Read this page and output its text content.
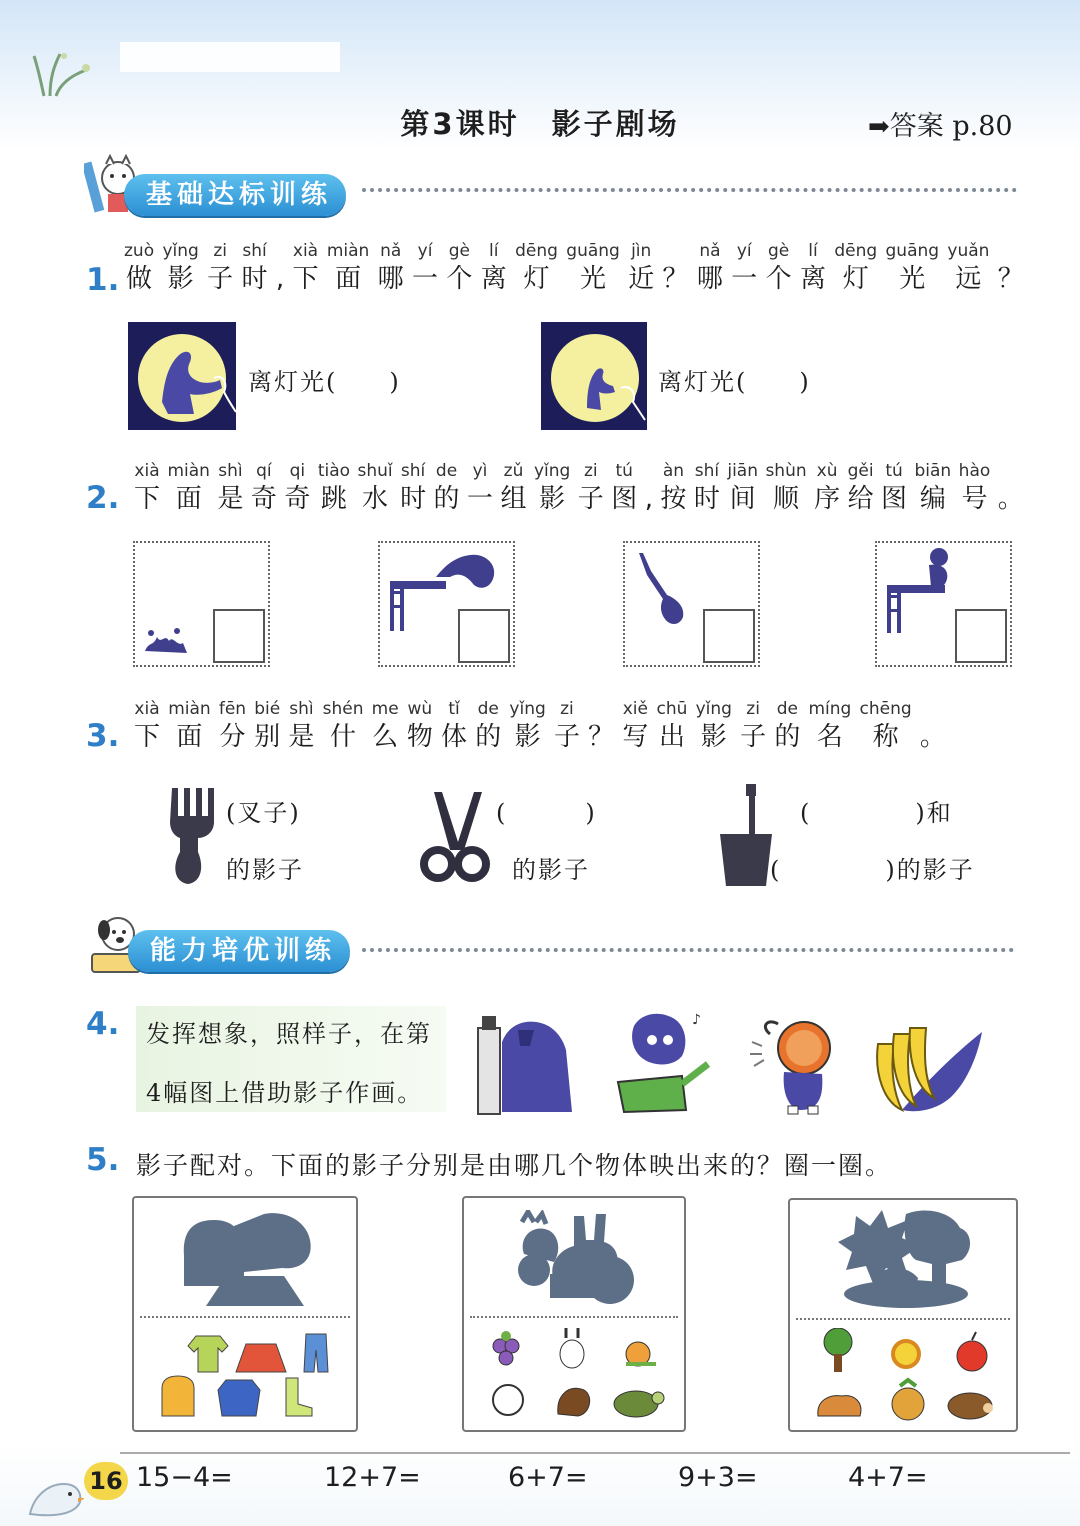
第3课时　影子剧场	➡答案 p.80
基础达标训练
1.
zuò
做
yǐng
影
zi
子
shí
时 ,
xià
下
miàn
面
nǎ
哪
yí
一
gè
个
lí
离
dēng
灯
guāng
光
jìn
近 ？
nǎ
哪
yí
一
gè
个
lí
离
dēng
灯
guāng
光
yuǎn
远 ？
离灯光(　　)	离灯光(　　)
2.
xià
下
miàn
面
shì
是
qí
奇
qi
奇
tiào
跳
shuǐ
水
shí
时
de
的
yì
一
zǔ
组
yǐng
影
zi
子
tú
图 ,
àn
按
shí
时
jiān
间
shùn
顺
xù
序
gěi
给
tú
图
biān
编
hào
号 。
3.
xià
下
miàn
面
fēn
分
bié
别
shì
是
shén
什
me
么
wù
物
tǐ
体
de
的
yǐng
影
zi
子 ？
xiě
写
chū
出
yǐng
影
zi
子
de
的
míng
名
chēng
称 。
(叉子)
的影子
(　　　)
的影子
(　　　　)和
(　　　　)的影子
能力培优训练
4.	发挥想象，照样子，在第
4幅图上借助影子作画。
♪
5. 影子配对。下面的影子分别是由哪几个物体映出来的？圈一圈。
16 15−4=	12+7=	6+7=	9+3=	4+7=
